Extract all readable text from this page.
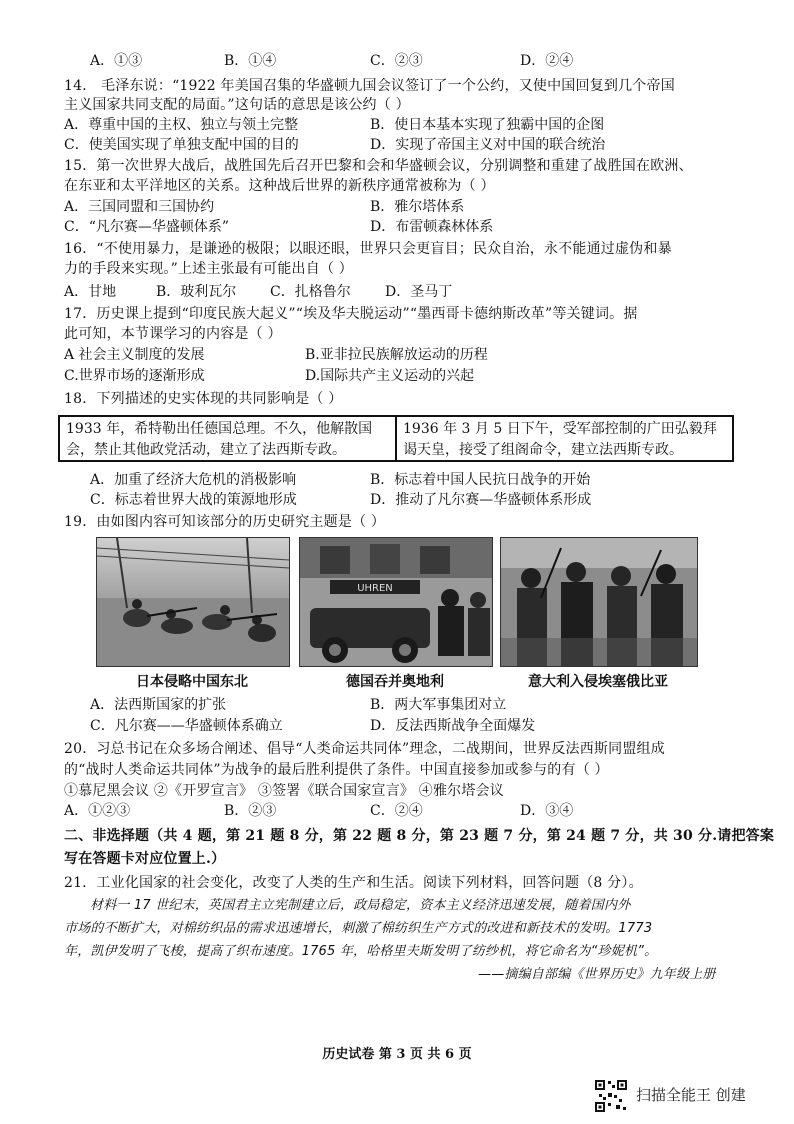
A．①③	B．①④	C．②③	D．②④
14． 毛泽东说：“1922 年美国召集的华盛顿九国会议签订了一个公约，又使中国回复到几个帝国
主义国家共同支配的局面。”这句话的意思是该公约（ ）
A．尊重中国的主权、独立与领土完整	B．使日本基本实现了独霸中国的企图
C．使美国实现了单独支配中国的目的	D．实现了帝国主义对中国的联合统治
15．第一次世界大战后，战胜国先后召开巴黎和会和华盛顿会议，分别调整和重建了战胜国在欧洲、
在东亚和太平洋地区的关系。这种战后世界的新秩序通常被称为（ ）
A．三国同盟和三国协约	B．雅尔塔体系
C．“凡尔赛—华盛顿体系”	D．布雷顿森林体系
16．“不使用暴力，是谦逊的极限；以眼还眼，世界只会更盲目；民众自治，永不能通过虚伪和暴
力的手段来实现。”上述主张最有可能出自（ ）
A．甘地	B．玻利瓦尔 C．扎格鲁尔 D．圣马丁
17．历史课上提到“印度民族大起义”“埃及华夫脱运动”“墨西哥卡德纳斯改革”等关键词。据
此可知，本节课学习的内容是（ ）
A 社会主义制度的发展	B.亚非拉民族解放运动的历程
C.世界市场的逐渐形成	D.国际共产主义运动的兴起
18．下列描述的史实体现的共同影响是（ ）
1933 年，希特勒出任德国总理。不久，他解散国会，禁止其他政党活动，建立了法西斯专政。
1936 年 3 月 5 日下午，受军部控制的广田弘毅拜谒天皇，接受了组阁命令，建立法西斯专政。
A．加重了经济大危机的消极影响	B．标志着中国人民抗日战争的开始
C．标志着世界大战的策源地形成	D．推动了凡尔赛—华盛顿体系形成
19．由如图内容可知该部分的历史研究主题是（ ）
UHREN
日本侵略中国东北	德国吞并奥地利	意大利入侵埃塞俄比亚
A．法西斯国家的扩张	B．两大军事集团对立
C．凡尔赛——华盛顿体系确立	D．反法西斯战争全面爆发
20．习总书记在众多场合阐述、倡导“人类命运共同体”理念，二战期间，世界反法西斯同盟组成
的“战时人类命运共同体”为战争的最后胜利提供了条件。中国直接参加或参与的有（ ）
①慕尼黑会议 ②《开罗宣言》 ③签署《联合国家宣言》 ④雅尔塔会议
A．①②③	B．②③	C．②④	D．③④
二、非选择题（共 4 题，第 21 题 8 分，第 22 题 8 分，第 23 题 7 分，第 24 题 7 分，共 30 分.请把答案
写在答题卡对应位置上.）
21．工业化国家的社会变化，改变了人类的生产和生活。阅读下列材料，回答问题（8 分）。
材料一 17 世纪末，英国君主立宪制建立后，政局稳定，资本主义经济迅速发展，随着国内外
市场的不断扩大，对棉纺织品的需求迅速增长，刺激了棉纺织生产方式的改进和新技术的发明。1773
年，凯伊发明了飞梭，提高了织布速度。1765 年，哈格里夫斯发明了纺纱机，将它命名为“珍妮机”。
——摘编自部编《世界历史》九年级上册
历史试卷 第 3 页 共 6 页
扫描全能王 创建
